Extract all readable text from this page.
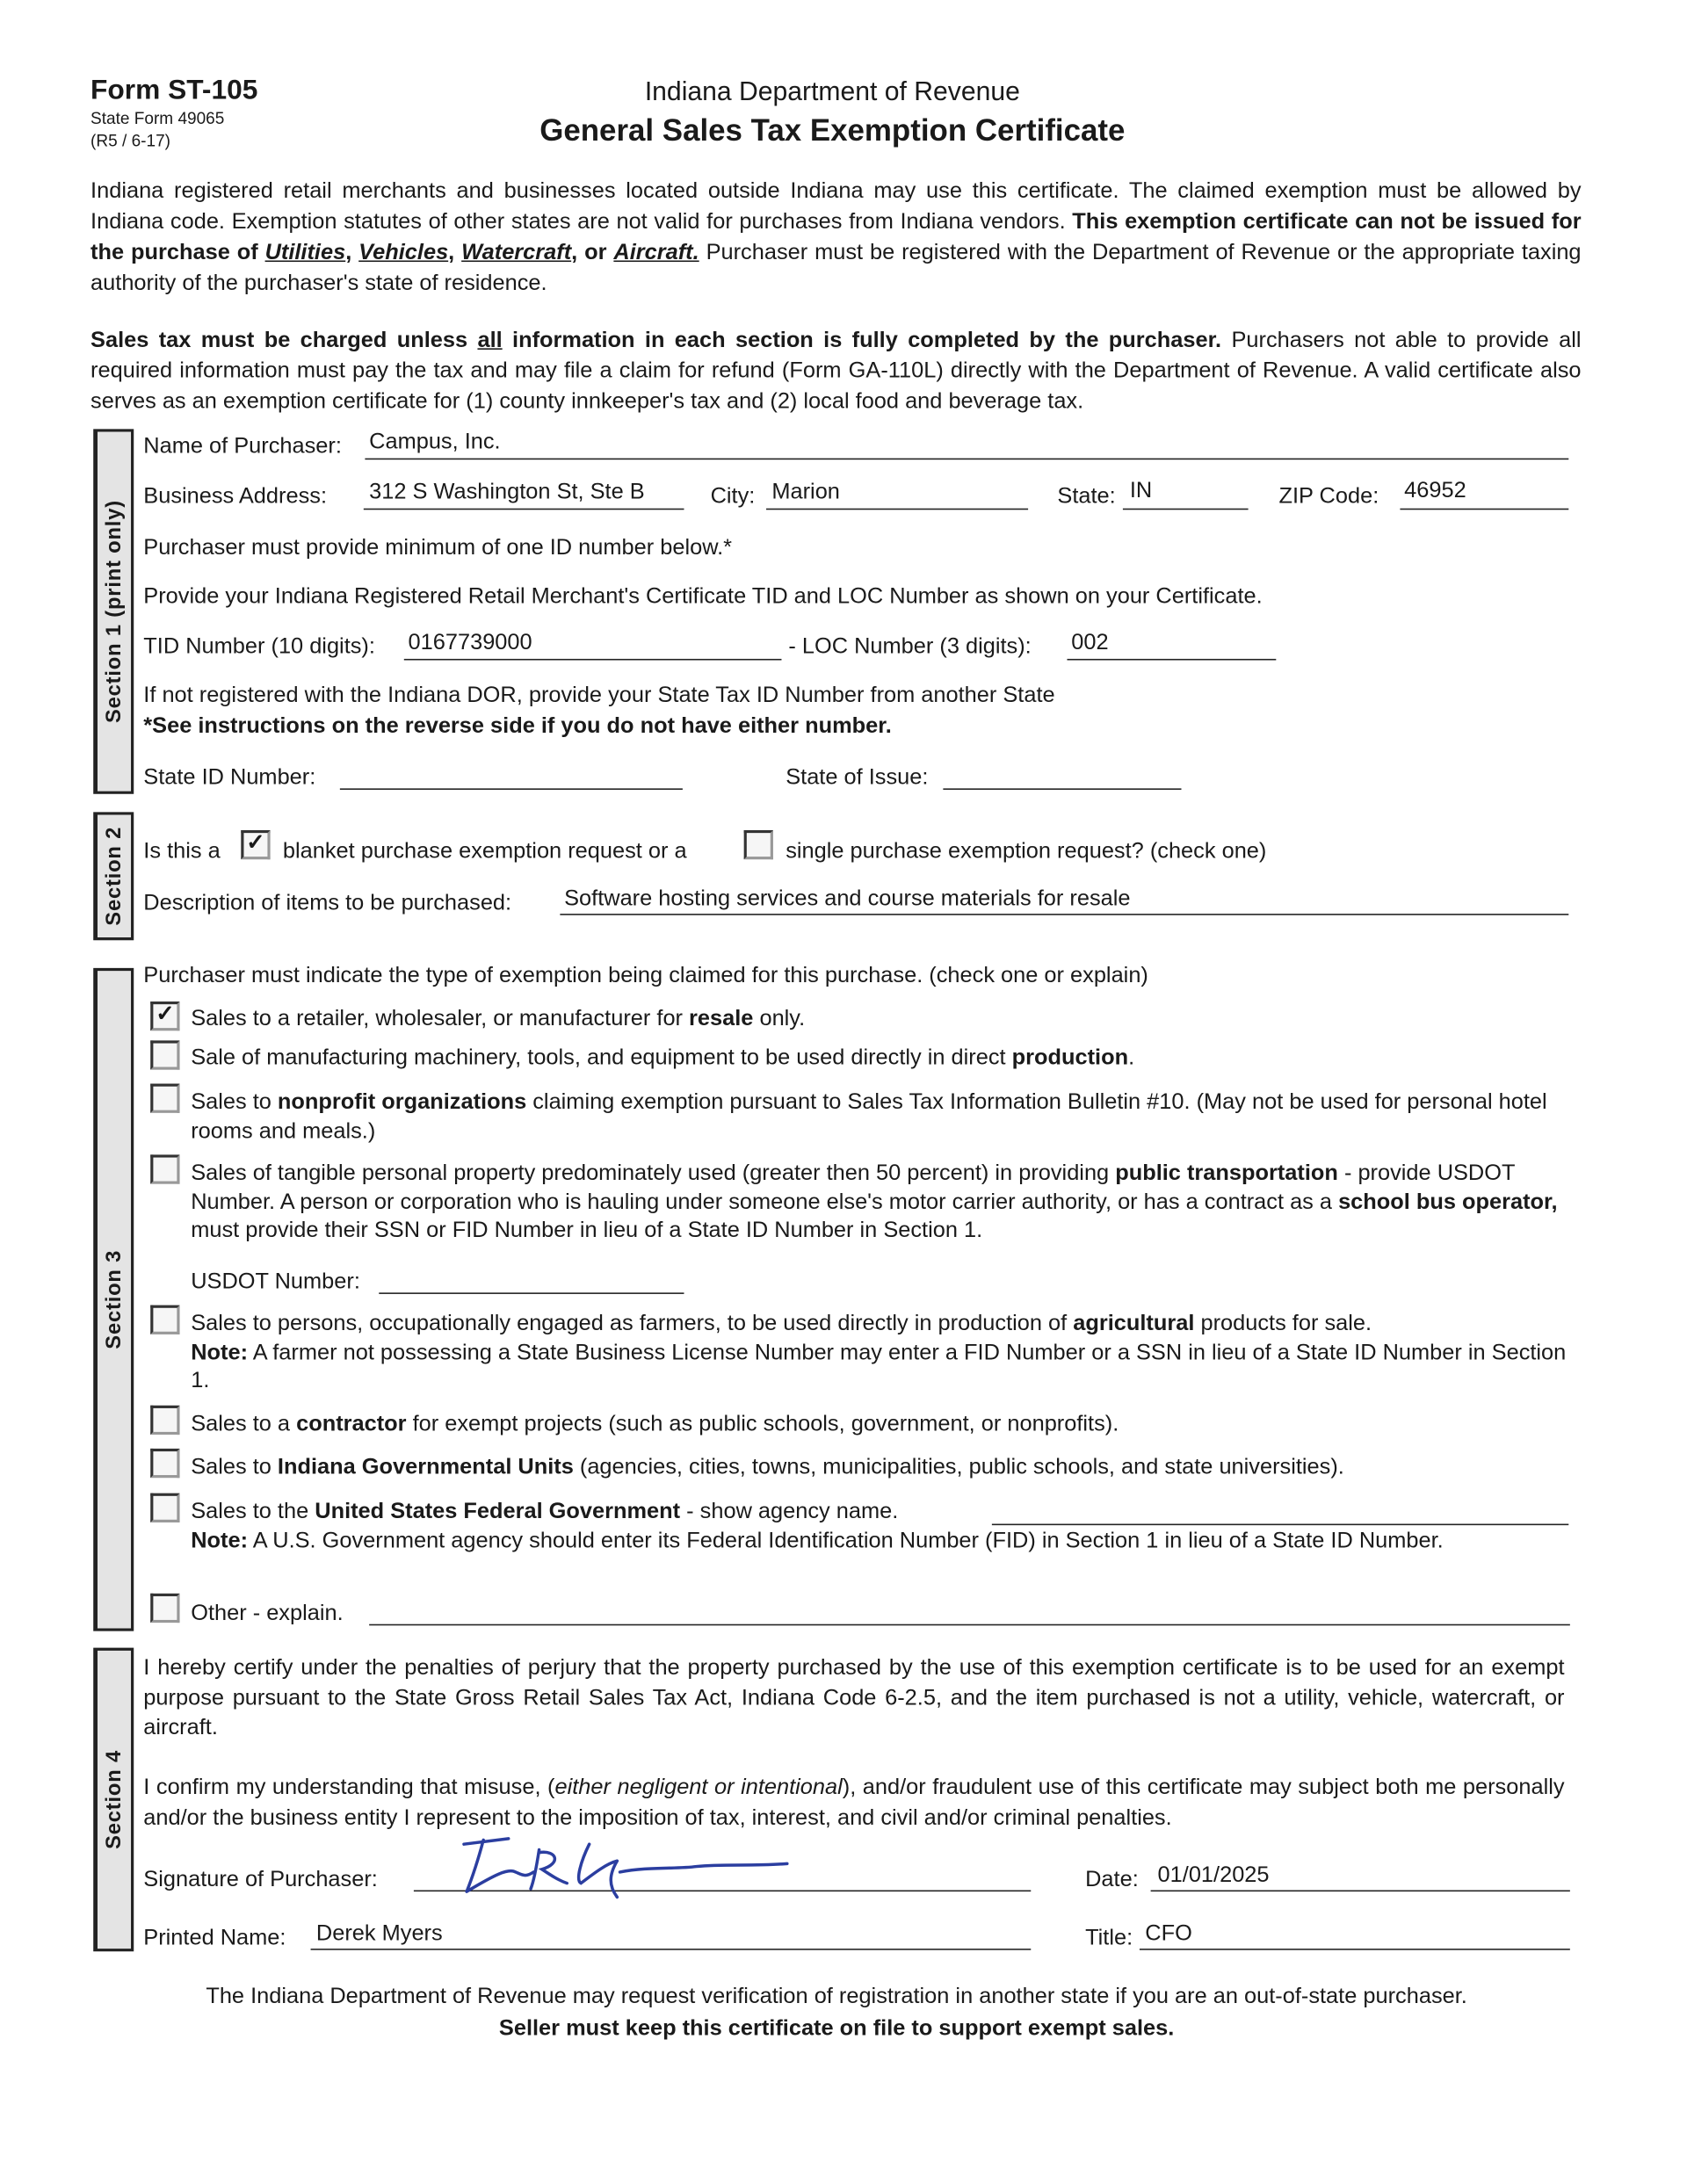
Form ST-105
State Form 49065
(R5 / 6-17)
Indiana Department of Revenue
General Sales Tax Exemption Certificate
Indiana registered retail merchants and businesses located outside Indiana may use this certificate. The claimed exemption must be allowed by Indiana code. Exemption statutes of other states are not valid for purchases from Indiana vendors. This exemption certificate can not be issued for the purchase of Utilities, Vehicles, Watercraft, or Aircraft. Purchaser must be registered with the Department of Revenue or the appropriate taxing authority of the purchaser's state of residence.
Sales tax must be charged unless all information in each section is fully completed by the purchaser. Purchasers not able to provide all required information must pay the tax and may file a claim for refund (Form GA-110L) directly with the Department of Revenue. A valid certificate also serves as an exemption certificate for (1) county innkeeper's tax and (2) local food and beverage tax.
Section 1 (print only)
Name of Purchaser: Campus, Inc.
Business Address:	312 S Washington St, Ste B	City: Marion	State: IN	ZIP Code: 46952
Purchaser must provide minimum of one ID number below.*
Provide your Indiana Registered Retail Merchant's Certificate TID and LOC Number as shown on your Certificate.
TID Number (10 digits): 0167739000	- LOC Number (3 digits):	002
If not registered with the Indiana DOR, provide your State Tax ID Number from another State
*See instructions on the reverse side if you do not have either number.
State ID Number:	State of Issue:
Section 2 Is this a	✓	blanket purchase exemption request or a	single purchase exemption request? (check one)
Description of items to be purchased:	Software hosting services and course materials for resale
Section 3
Purchaser must indicate the type of exemption being claimed for this purchase. (check one or explain)
✓	Sales to a retailer, wholesaler, or manufacturer for resale only.
Sale of manufacturing machinery, tools, and equipment to be used directly in direct production.
Sales to nonprofit organizations claiming exemption pursuant to Sales Tax Information Bulletin #10. (May not be used for personal hotel rooms and meals.)
Sales of tangible personal property predominately used (greater then 50 percent) in providing public transportation - provide USDOT Number. A person or corporation who is hauling under someone else's motor carrier authority, or has a contract as a school bus operator, must provide their SSN or FID Number in lieu of a State ID Number in Section 1.
USDOT Number:
Sales to persons, occupationally engaged as farmers, to be used directly in production of agricultural products for sale.
Note: A farmer not possessing a State Business License Number may enter a FID Number or a SSN in lieu of a State ID Number in Section 1.
Sales to a contractor for exempt projects (such as public schools, government, or nonprofits).
Sales to Indiana Governmental Units (agencies, cities, towns, municipalities, public schools, and state universities).
Sales to the United States Federal Government - show agency name.
Note: A U.S. Government agency should enter its Federal Identification Number (FID) in Section 1 in lieu of a State ID Number.
Other - explain.
Section 4
I hereby certify under the penalties of perjury that the property purchased by the use of this exemption certificate is to be used for an exempt purpose pursuant to the State Gross Retail Sales Tax Act, Indiana Code 6-2.5, and the item purchased is not a utility, vehicle, watercraft, or aircraft.
I confirm my understanding that misuse, (either negligent or intentional), and/or fraudulent use of this certificate may subject both me personally and/or the business entity I represent to the imposition of tax, interest, and civil and/or criminal penalties.
Signature of Purchaser:	Date: 01/01/2025
Printed Name: Derek Myers	Title: CFO
The Indiana Department of Revenue may request verification of registration in another state if you are an out-of-state purchaser.
Seller must keep this certificate on file to support exempt sales.
